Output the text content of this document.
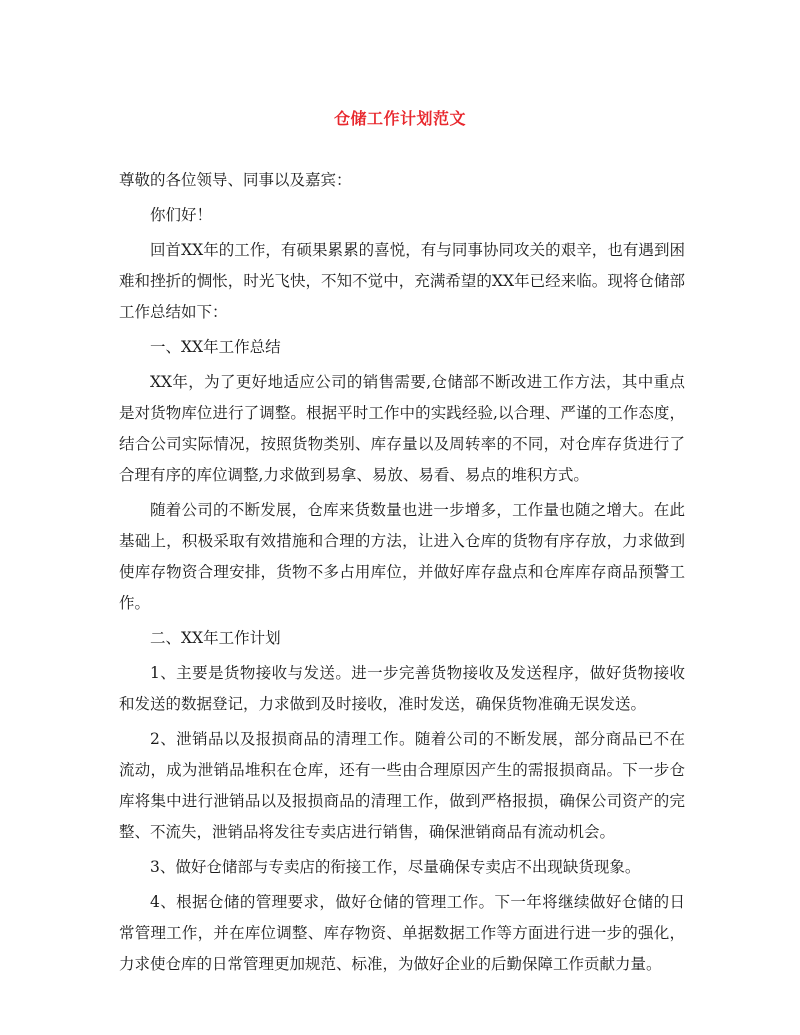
仓储工作计划范文

尊敬的各位领导、同事以及嘉宾：

你们好！

回首XX年的工作，有硕果累累的喜悦，有与同事协同攻关的艰辛，也有遇到困难和挫折的惆怅，时光飞快，不知不觉中，充满希望的XX年已经来临。现将仓储部工作总结如下：

一、XX年工作总结

XX年，为了更好地适应公司的销售需要,仓储部不断改进工作方法，其中重点是对货物库位进行了调整。根据平时工作中的实践经验,以合理、严谨的工作态度，结合公司实际情况，按照货物类别、库存量以及周转率的不同，对仓库存货进行了合理有序的库位调整,力求做到易拿、易放、易看、易点的堆积方式。

随着公司的不断发展，仓库来货数量也进一步增多，工作量也随之增大。在此基础上，积极采取有效措施和合理的方法，让进入仓库的货物有序存放，力求做到使库存物资合理安排，货物不多占用库位，并做好库存盘点和仓库库存商品预警工作。

二、XX年工作计划

1、主要是货物接收与发送。进一步完善货物接收及发送程序，做好货物接收和发送的数据登记，力求做到及时接收，准时发送，确保货物准确无误发送。

2、泄销品以及报损商品的清理工作。随着公司的不断发展，部分商品已不在流动，成为泄销品堆积在仓库，还有一些由合理原因产生的需报损商品。下一步仓库将集中进行泄销品以及报损商品的清理工作，做到严格报损，确保公司资产的完整、不流失，泄销品将发往专卖店进行销售，确保泄销商品有流动机会。

3、做好仓储部与专卖店的衔接工作，尽量确保专卖店不出现缺货现象。

4、根据仓储的管理要求，做好仓储的管理工作。下一年将继续做好仓储的日常管理工作，并在库位调整、库存物资、单据数据工作等方面进行进一步的强化，力求使仓库的日常管理更加规范、标准，为做好企业的后勤保障工作贡献力量。
